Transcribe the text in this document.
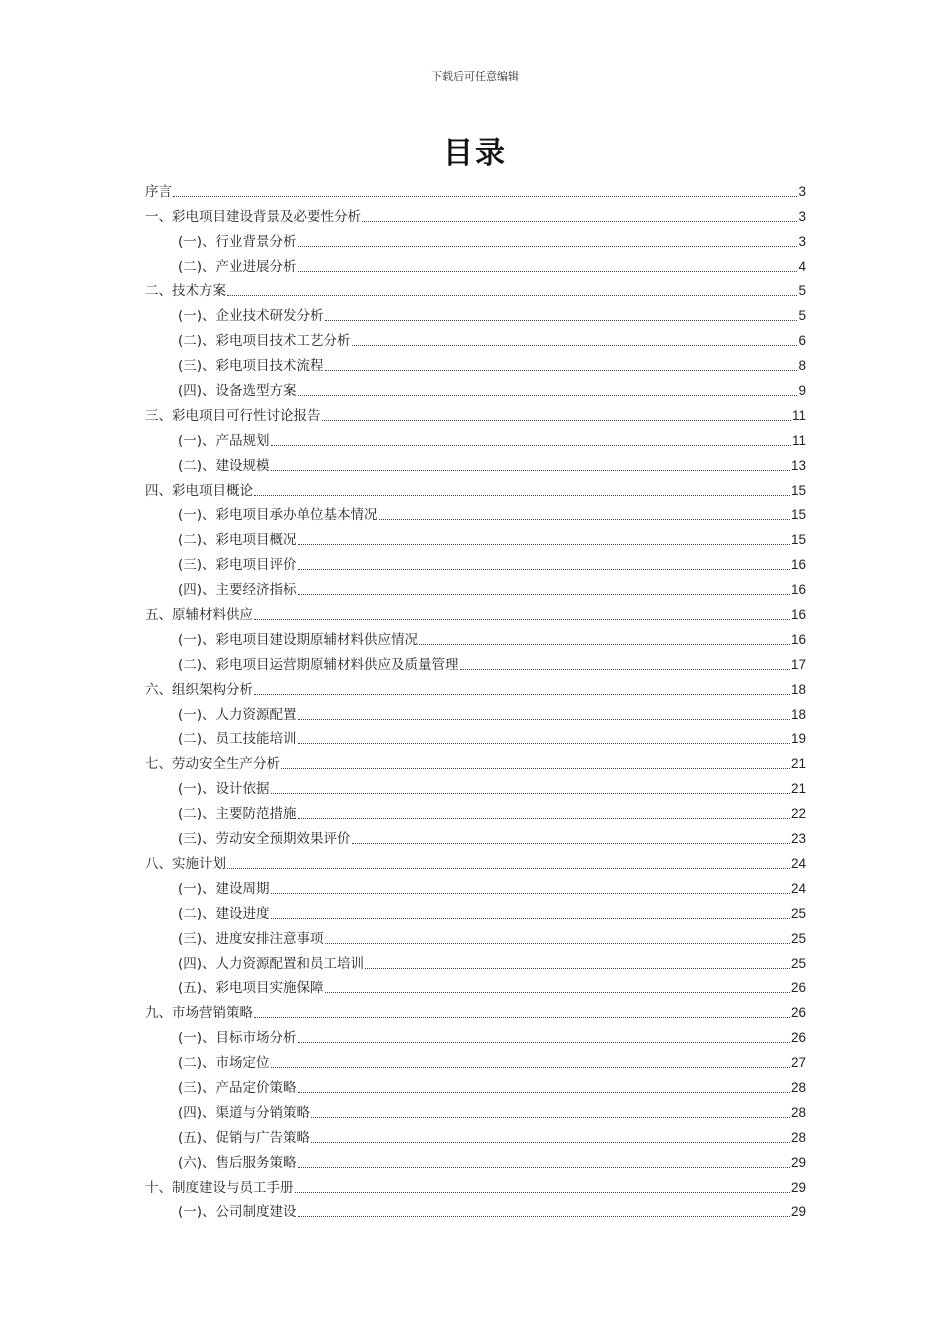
下载后可任意编辑
目录
序言	3
一、彩电项目建设背景及必要性分析	3
(一)、行业背景分析	3
(二)、产业进展分析	4
二、技术方案	5
(一)、企业技术研发分析	5
(二)、彩电项目技术工艺分析	6
(三)、彩电项目技术流程	8
(四)、设备选型方案	9
三、彩电项目可行性讨论报告	11
(一)、产品规划	11
(二)、建设规模	13
四、彩电项目概论	15
(一)、彩电项目承办单位基本情况	15
(二)、彩电项目概况	15
(三)、彩电项目评价	16
(四)、主要经济指标	16
五、原辅材料供应	16
(一)、彩电项目建设期原辅材料供应情况	16
(二)、彩电项目运营期原辅材料供应及质量管理	17
六、组织架构分析	18
(一)、人力资源配置	18
(二)、员工技能培训	19
七、劳动安全生产分析	21
(一)、设计依据	21
(二)、主要防范措施	22
(三)、劳动安全预期效果评价	23
八、实施计划	24
(一)、建设周期	24
(二)、建设进度	25
(三)、进度安排注意事项	25
(四)、人力资源配置和员工培训	25
(五)、彩电项目实施保障	26
九、市场营销策略	26
(一)、目标市场分析	26
(二)、市场定位	27
(三)、产品定价策略	28
(四)、渠道与分销策略	28
(五)、促销与广告策略	28
(六)、售后服务策略	29
十、制度建设与员工手册	29
(一)、公司制度建设	29
